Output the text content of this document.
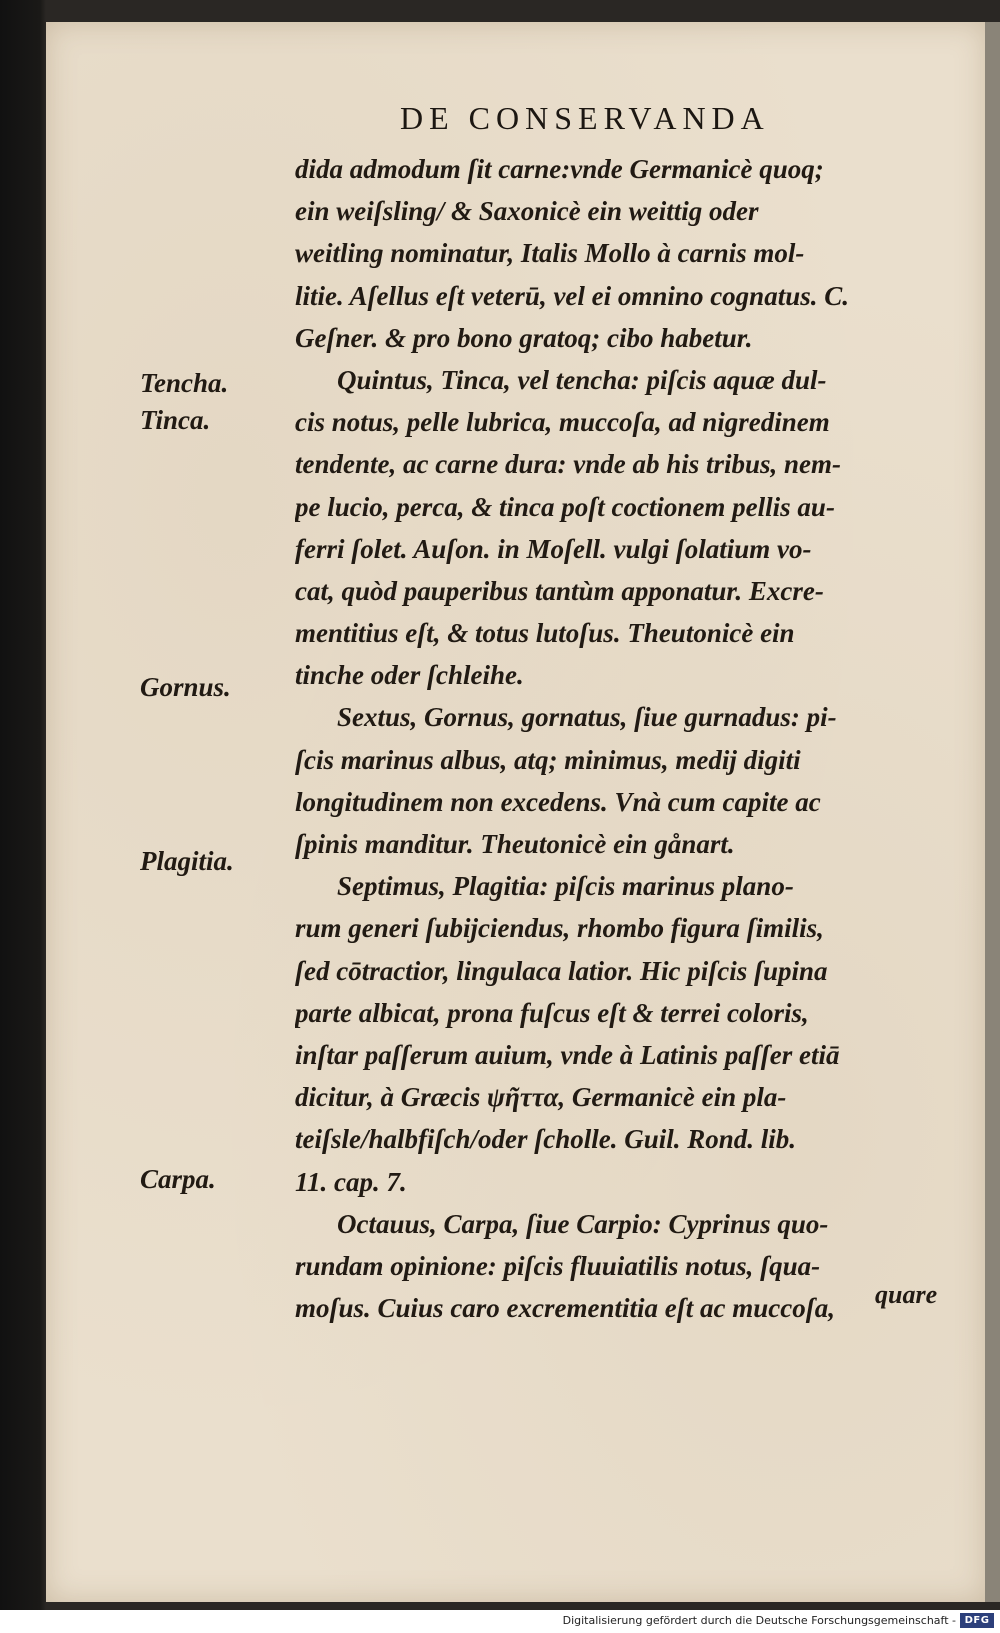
DE CONSERVANDA
dida admodum ſit carne:vnde Germanicè quoq;
ein weiſsling/ & Saxonicè ein weittig oder
weitling nominatur, Italis Mollo à carnis mol-
litie. Aſellus eſt veterū, vel ei omnino cognatus. C.
Geſner. & pro bono gratoq; cibo habetur.
Quintus, Tinca, vel tencha: piſcis aquæ dul-
cis notus, pelle lubrica, muccoſa, ad nigredinem
tendente, ac carne dura: vnde ab his tribus, nem-
pe lucio, perca, & tinca poſt coctionem pellis au-
ferri ſolet. Auſon. in Moſell. vulgi ſolatium vo-
cat, quòd pauperibus tantùm apponatur. Excre-
mentitius eſt, & totus lutoſus. Theutonicè ein
tinche oder ſchleihe.
Sextus, Gornus, gornatus, ſiue gurnadus: pi-
ſcis marinus albus, atq; minimus, medij digiti
longitudinem non excedens. Vnà cum capite ac
ſpinis manditur. Theutonicè ein gånart.
Septimus, Plagitia: piſcis marinus plano-
rum generi ſubijciendus, rhombo figura ſimilis,
ſed cōtractior, lingulaca latior. Hic piſcis ſupina
parte albicat, prona fuſcus eſt & terrei coloris,
inſtar paſſerum auium, vnde à Latinis paſſer etiā
dicitur, à Græcis ψῆττα, Germanicè ein pla-
teiſsle/halbfiſch/oder ſcholle. Guil. Rond. lib.
11. cap. 7.
Octauus, Carpa, ſiue Carpio: Cyprinus quo-
rundam opinione: piſcis fluuiatilis notus, ſqua-
moſus. Cuius caro excrementitia eſt ac muccoſa,	quare
Tencha.
Tinca.
Gornus.
Plagitia.
Carpa.
Digitalisierung gefördert durch die Deutsche Forschungsgemeinschaft - DFG
